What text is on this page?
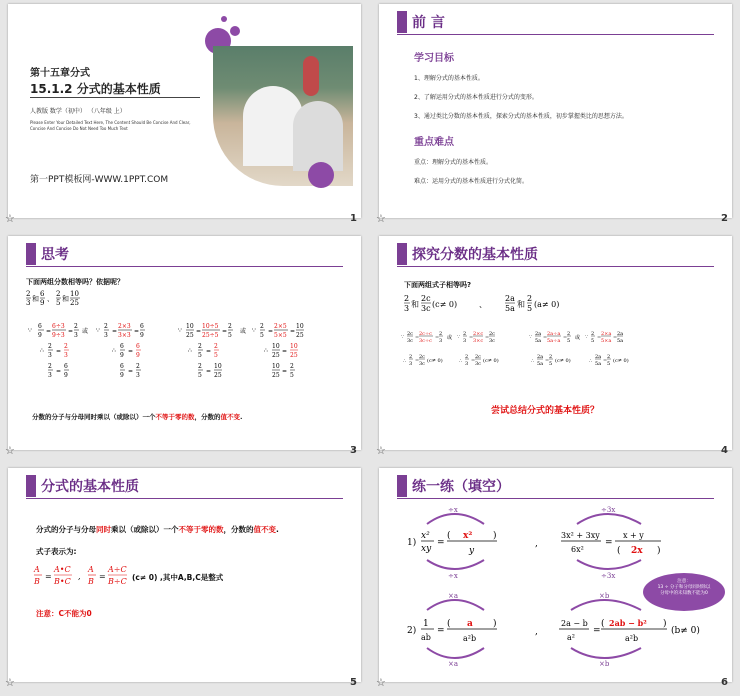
第十五章分式
15.1.2 分式的基本性质
人教版 数学（初中） （八年级 上）
Please Enter Your Detailed Text Here, The Content Should Be Concise And Clear, Concise And Concise Do Not Need Too Much Text
第一PPT模板网-WWW.1PPT.COM
☆	1
前 言
学习目标
1、理解分式的基本性质。
2、了解运用分式的基本性质进行分式的变形。
3、通过类比分数的基本性质，探索分式的基本性质，初步掌握类比的思想方法。
重点难点
重点：理解分式的基本性质。
难点：运用分式的基本性质进行分式化简。
☆	2
思考
下面两组分数相等吗？依据呢？
2
3 和
6
9 、
2
5 和
10
25
∵
6
9
=
6÷3
9÷3
=
2
3
或
∴
2
3
=
2
3
2
3
=
6
9
∵
2
3
=
2×3
3×3
=
6
9
∴
6
9
=
6
9
6
9
=
2
3
∵
10
25
=
10÷5
25÷5
=
2
5
∴
2
5
=
2
5
2
5
=
10
25
或 ∵
2
5
=
2×5
5×5
=
10
25
∴
10
25
=
10
25
10
25
=
2
5
分数的分子与分母同时乘以（或除以）一个不等于零的数，分数的值不变.
☆	3
探究分数的基本性质
下面两组式子相等吗?
2
3 和
2c
3c (c≠ 0)	、
2a
5a 和
2
5 (a≠ 0)
∵ 2c
3c =
2c÷c
3c÷c =
2
3 或 ∵ 2
3 =
2×c
3×c =
2c
3c
∴
2
3 =
2c
3c (c≠ 0)	∴
2
3 =
2c
3c (c≠ 0)
∵ 2a
5a =
2a÷a
5a÷a =
2
5 或 ∵ 2
5 =
2×a
5×a =
2a
5a
∴
2a
5a =
2
5 (c≠ 0)	∴
2a
5a =
2
5 (c≠ 0)
尝试总结分式的基本性质？
☆	4
分式的基本性质
分式的分子与分母同时乘以（或除以）一个不等于零的数，分数的值不变.
式子表示为:
A
B
=
A•C
B•C
,
A
B
=
A÷C
B÷C (c≠ 0) ,其中A,B,C是整式
注意：C不能为0
☆	5
练一练（填空）
÷x
÷x
÷3x
÷3x
×a
×a
×b
×b
1)
x²
xy
=
(	)
x²
y
,
3x² + 3xy
6x²
=
x + y
(	)
2x
2)
1
ab
=
(	)
a
a²b
,
2a − b
a²
=
(	)
2ab − b²
a²b
(b≠ 0)
注意：
13 ÷ 分子和分母同时除以
分母中的未知数不能为0
☆	6
